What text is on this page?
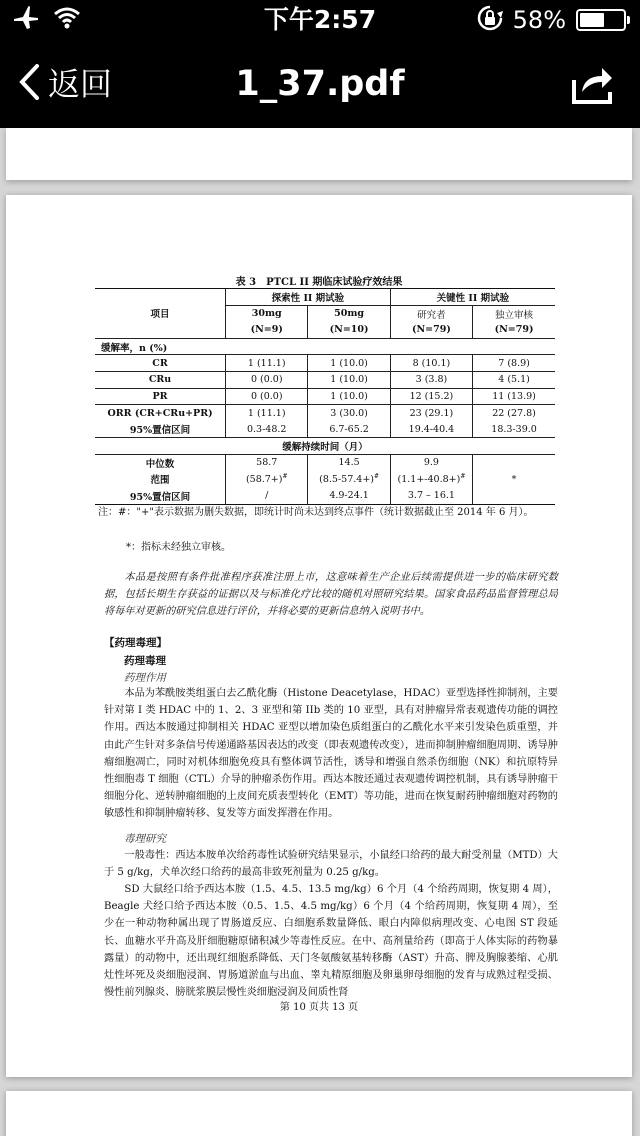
下午2:57	58%
返回	1_37.pdf
表 3　PTCL II 期临床试验疗效结果
项目	探索性 II 期试验		关键性 II 期试验	
	30mg	50mg	研究者	独立审核
	(N=9)	(N=10)	(N=79)	(N=79)
缓解率，n (%)				
CR	1 (11.1)	1 (10.0)	8 (10.1)	7 (8.9)
CRu	0 (0.0)	1 (10.0)	3 (3.8)	4 (5.1)
PR	0 (0.0)	1 (10.0)	12 (15.2)	11 (13.9)
ORR (CR+CRu+PR)	1 (11.1)	3 (30.0)	23 (29.1)	22 (27.8)
95%置信区间	0.3-48.2	6.7-65.2	19.4-40.4	18.3-39.0
缓解持续时间（月）				
中位数	58.7	14.5	9.9	
范围	(58.7+)#	(8.5-57.4+)#	(1.1+-40.8+)#	*
95%置信区间	/	4.9-24.1	3.7 – 16.1	
注：#："+"表示数据为删失数据，即统计时尚未达到终点事件（统计数据截止至 2014 年 6 月）。
*：指标未经独立审核。
本品是按照有条件批准程序获准注册上市，这意味着生产企业后续需提供进一步的临床研究数据，包括长期生存获益的证据以及与标准化疗比较的随机对照研究结果。国家食品药品监督管理总局将每年对更新的研究信息进行评价，并将必要的更新信息纳入说明书中。
【药理毒理】
药理毒理
药理作用
本品为苯酰胺类组蛋白去乙酰化酶（Histone Deacetylase，HDAC）亚型选择性抑制剂，主要针对第 I 类 HDAC 中的 1、2、3 亚型和第 IIb 类的 10 亚型，具有对肿瘤异常表观遗传功能的调控作用。西达本胺通过抑制相关 HDAC 亚型以增加染色质组蛋白的乙酰化水平来引发染色质重塑，并由此产生针对多条信号传递通路基因表达的改变（即表观遗传改变），进而抑制肿瘤细胞周期、诱导肿瘤细胞凋亡，同时对机体细胞免疫具有整体调节活性，诱导和增强自然杀伤细胞（NK）和抗原特异性细胞毒 T 细胞（CTL）介导的肿瘤杀伤作用。西达本胺还通过表观遗传调控机制，具有诱导肿瘤干细胞分化、逆转肿瘤细胞的上皮间充质表型转化（EMT）等功能，进而在恢复耐药肿瘤细胞对药物的敏感性和抑制肿瘤转移、复发等方面发挥潜在作用。
毒理研究
一般毒性：西达本胺单次给药毒性试验研究结果显示，小鼠经口给药的最大耐受剂量（MTD）大于 5 g/kg，犬单次经口给药的最高非致死剂量为 0.25 g/kg。
SD 大鼠经口给予西达本胺（1.5、4.5、13.5 mg/kg）6 个月（4 个给药周期，恢复期 4 周），Beagle 犬经口给予西达本胺（0.5、1.5、4.5 mg/kg）6 个月（4 个给药周期，恢复期 4 周），至少在一种动物种属出现了胃肠道反应、白细胞系数量降低、眼白内障似病理改变、心电图 ST 段延长、血糖水平升高及肝细胞糖原储积减少等毒性反应。在中、高剂量给药（即高于人体实际的药物暴露量）的动物中，还出现红细胞系降低、天门冬氨酸氨基转移酶（AST）升高、脾及胸腺萎缩、心肌灶性坏死及炎细胞浸润、胃肠道淤血与出血、睾丸精原细胞及卵巢卵母细胞的发育与成熟过程受损、慢性前列腺炎、膀胱浆膜层慢性炎细胞浸润及间质性肾
第 10 页共 13 页
